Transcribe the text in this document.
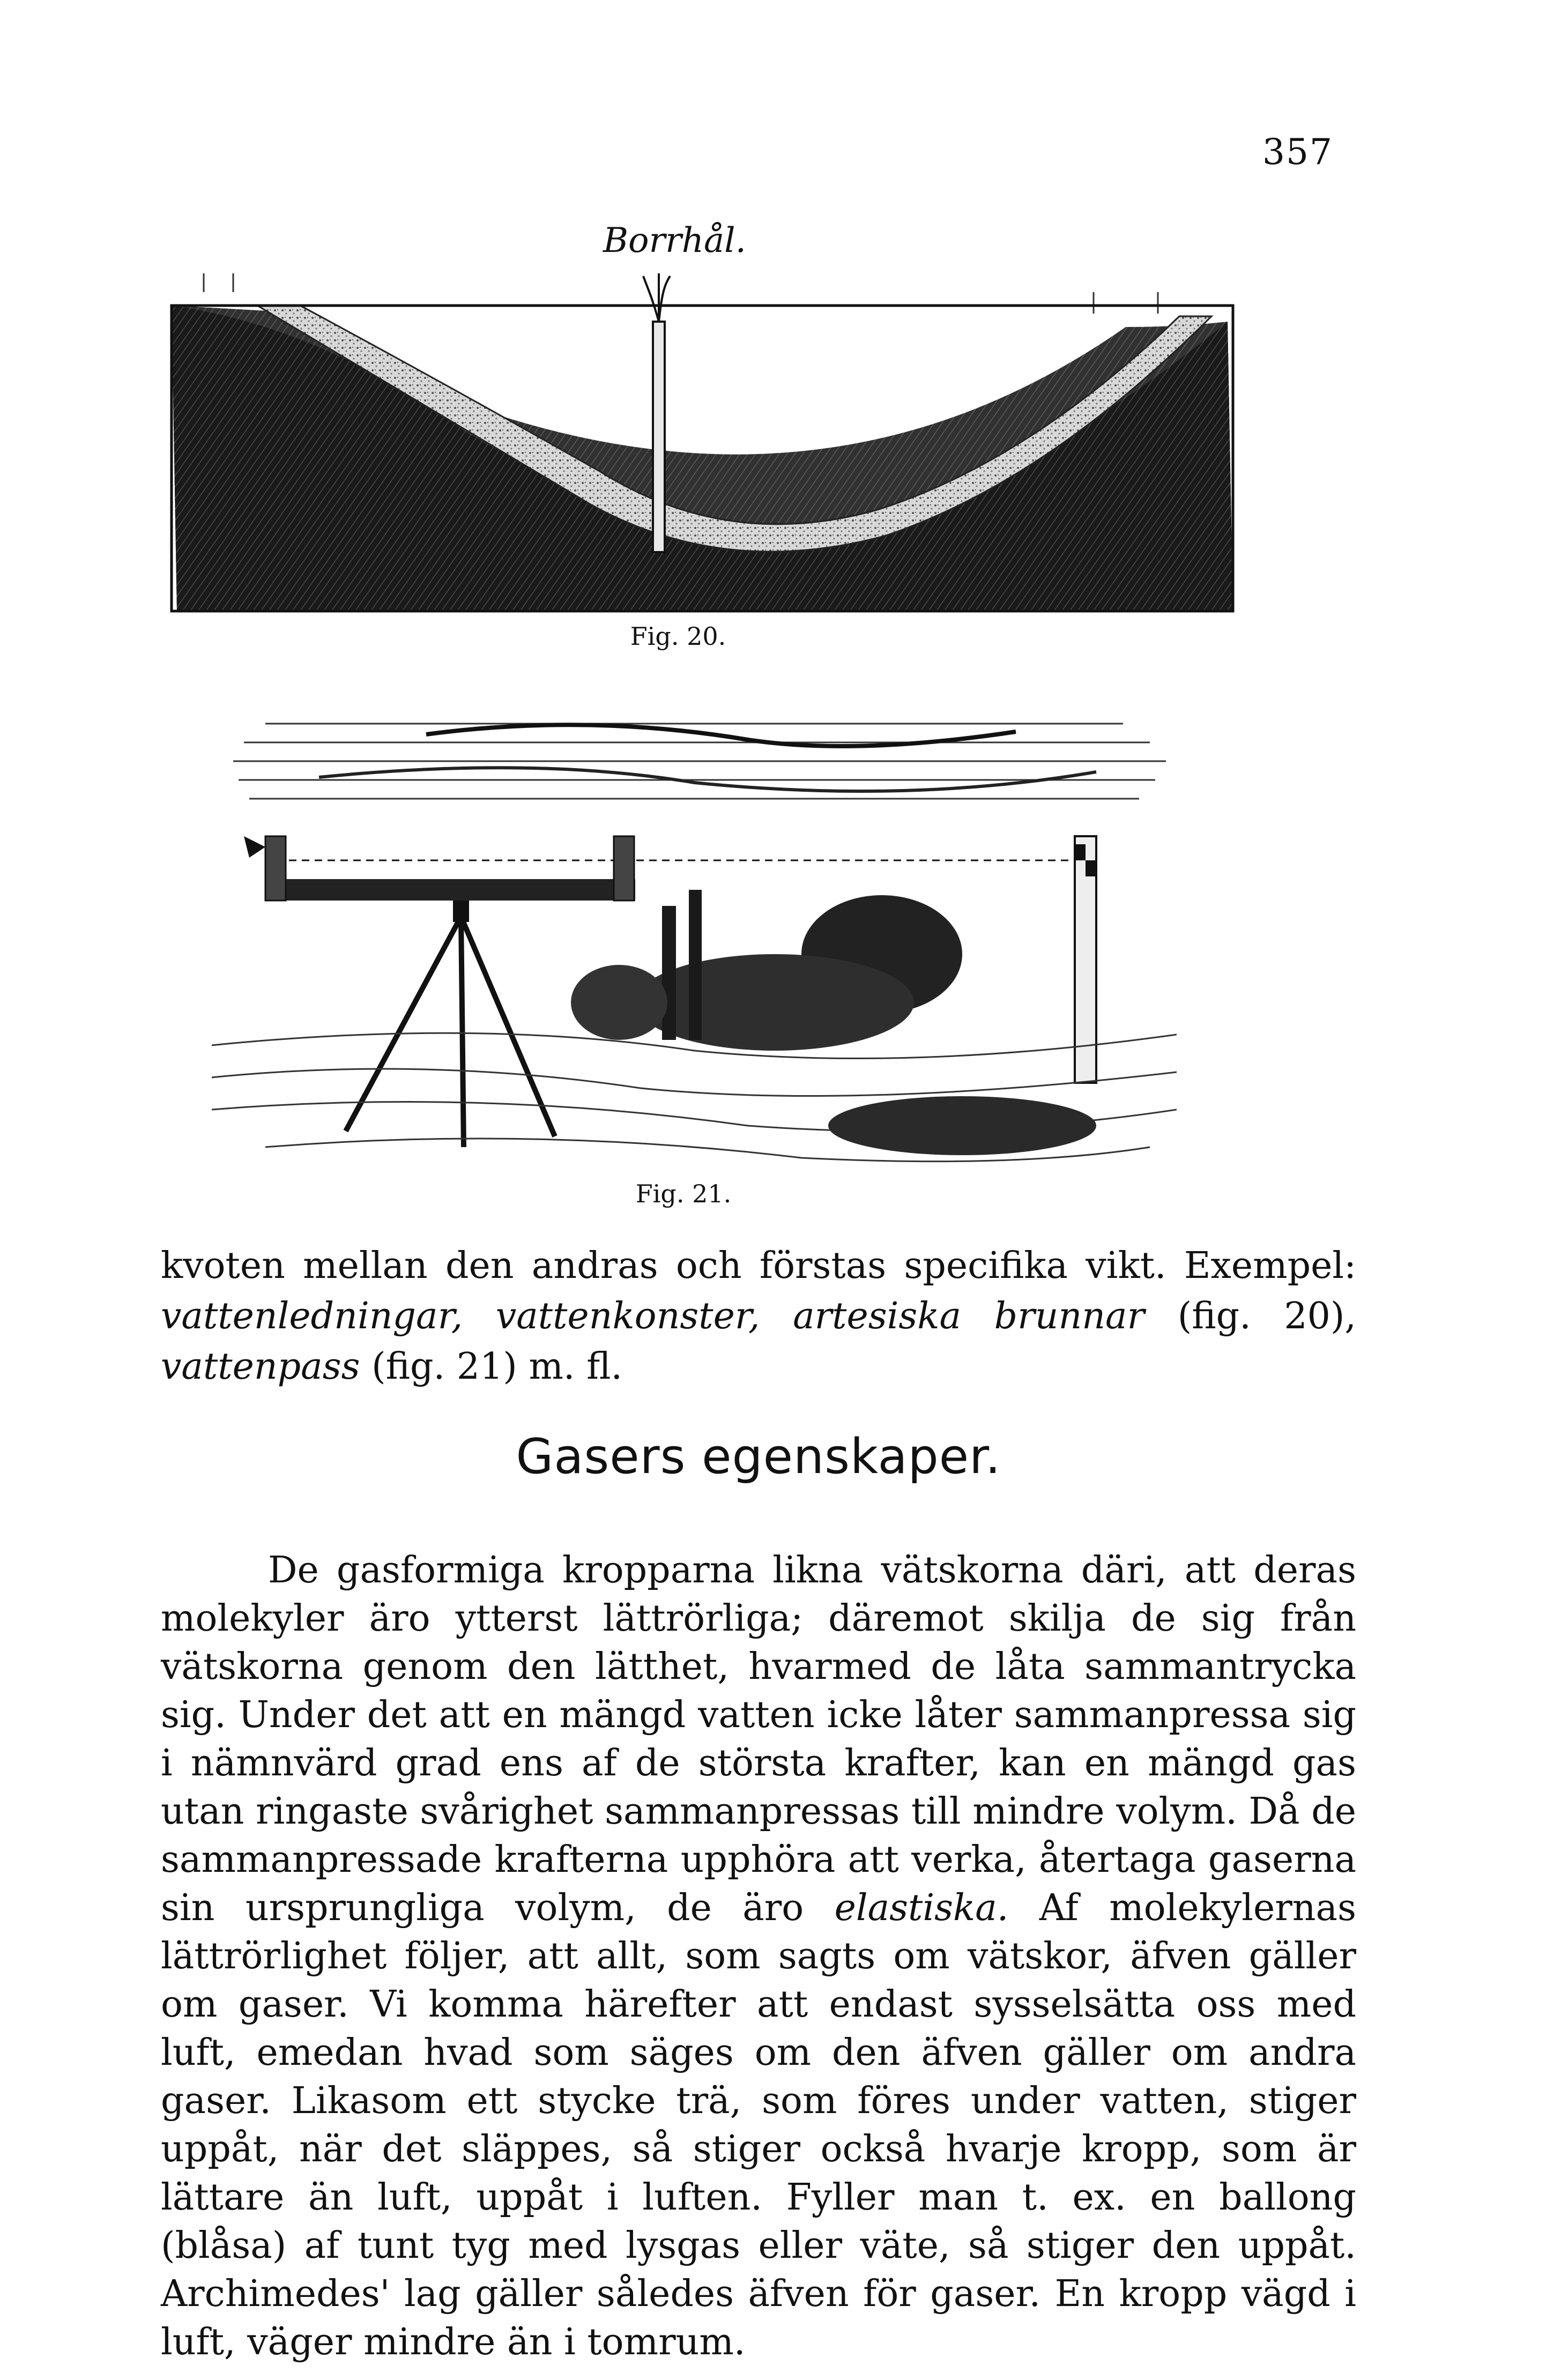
357
Borrhål.
Fig. 20.
Fig. 21.
kvoten mellan den andras och förstas specifika vikt. Exempel: vattenledningar, vattenkonster, artesiska brunnar (fig. 20), vattenpass (fig. 21) m. fl.
Gasers egenskaper.
De gasformiga kropparna likna vätskorna däri, att deras molekyler äro ytterst lättrörliga; däremot skilja de sig från vätskorna genom den lätthet, hvarmed de låta sammantrycka sig. Under det att en mängd vatten icke låter sammanpressa sig i nämnvärd grad ens af de största krafter, kan en mängd gas utan ringaste svårighet sammanpressas till mindre volym. Då de sammanpressade krafterna upphöra att verka, återtaga gaserna sin ursprungliga volym, de äro elastiska. Af molekylernas lättrörlighet följer, att allt, som sagts om vätskor, äfven gäller om gaser. Vi komma härefter att endast sysselsätta oss med luft, emedan hvad som säges om den äfven gäller om andra gaser. Likasom ett stycke trä, som föres under vatten, stiger uppåt, när det släppes, så stiger också hvarje kropp, som är lättare än luft, uppåt i luften. Fyller man t. ex. en ballong (blåsa) af tunt tyg med lysgas eller väte, så stiger den uppåt. Archimedes' lag gäller således äfven för gaser. En kropp vägd i luft, väger mindre än i tomrum.
